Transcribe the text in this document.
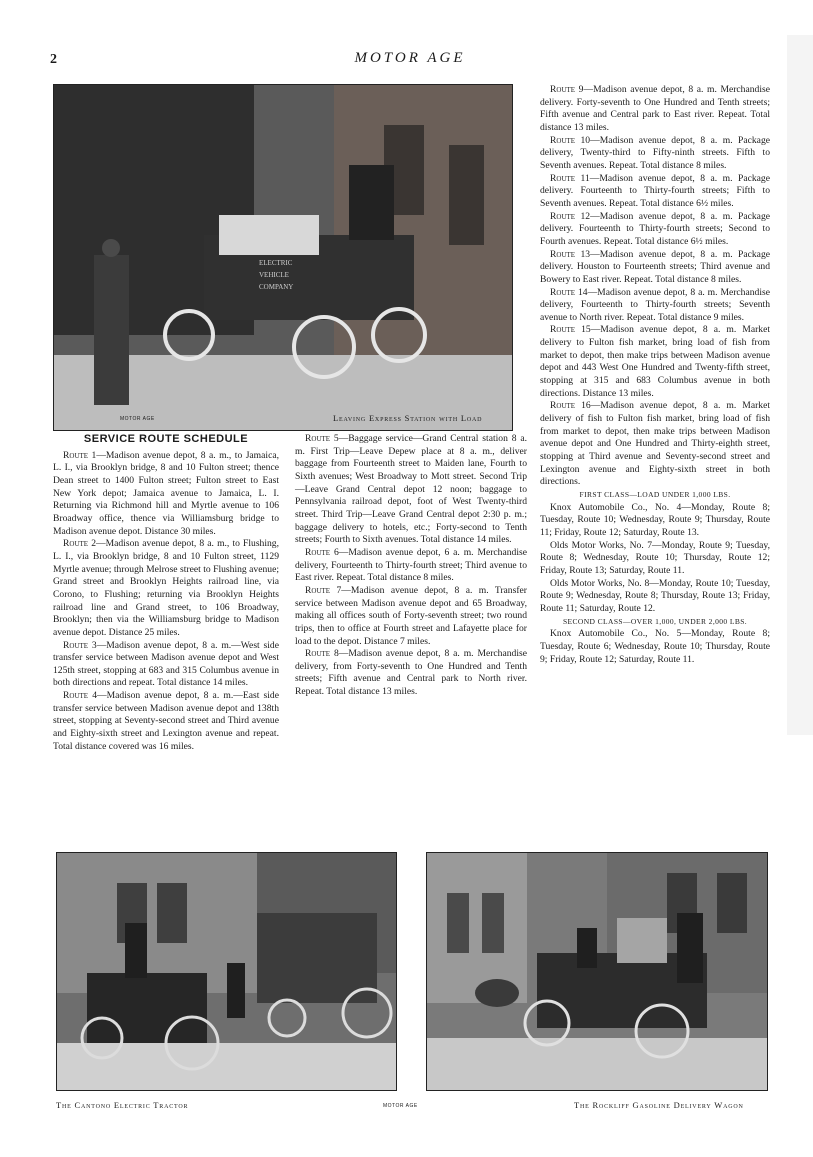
2	MOTOR AGE
ELECTRIC
VEHICLE
COMPANY
MOTOR AGE	Leaving Express Station with Load
SERVICE ROUTE SCHEDULE

Route 1—Madison avenue depot, 8 a. m., to Jamaica, L. I., via Brooklyn bridge, 8 and 10 Fulton street; thence Dean street to 1400 Fulton street; Fulton street to East New York depot; Jamaica avenue to Jamaica, L. I. Returning via Richmond hill and Myrtle avenue to 106 Broadway office, thence via Williamsburg bridge to Madison avenue depot. Distance 30 miles.

Route 2—Madison avenue depot, 8 a. m., to Flushing, L. I., via Brooklyn bridge, 8 and 10 Fulton street, 1129 Myrtle avenue; through Melrose street to Flushing avenue; Grand street and Brooklyn Heights railroad line, via Corono, to Flushing; returning via Brooklyn Heights railroad line and Grand street, to 106 Broadway, Brooklyn; then via the Williamsburg bridge to Madison avenue depot. Distance 25 miles.

Route 3—Madison avenue depot, 8 a. m.—West side transfer service between Madison avenue depot and West 125th street, stopping at 683 and 315 Columbus avenue in both directions and repeat. Total distance 14 miles.

Route 4—Madison avenue depot, 8 a. m.—East side transfer service between Madison avenue depot and 138th street, stopping at Seventy-second street and Third avenue and Eighty-sixth street and Lexington avenue and repeat. Total distance covered was 16 miles.

Route 5—Baggage service—Grand Central station 8 a. m. First Trip—Leave Depew place at 8 a. m., deliver baggage from Fourteenth street to Maiden lane, Fourth to Sixth avenues; West Broadway to Mott street. Second Trip—Leave Grand Central depot 12 noon; baggage to Pennsylvania railroad depot, foot of West Twenty-third street. Third Trip—Leave Grand Central depot 2:30 p. m.; baggage delivery to hotels, etc.; Forty-second to Tenth streets; Fourth to Sixth avenues. Total distance 14 miles.

Route 6—Madison avenue depot, 6 a. m. Merchandise delivery, Fourteenth to Thirty-fourth street; Third avenue to East river. Repeat. Total distance 8 miles.

Route 7—Madison avenue depot, 8 a. m. Transfer service between Madison avenue depot and 65 Broadway, making all offices south of Forty-seventh street; two round trips, then to office at Fourth street and Lafayette place for load to the depot. Distance 7 miles.

Route 8—Madison avenue depot, 8 a. m. Merchandise delivery, from Forty-seventh to One Hundred and Tenth streets; Fifth avenue and Central park to North river. Repeat. Total distance 13 miles.

Route 9—Madison avenue depot, 8 a. m. Merchandise delivery. Forty-seventh to One Hundred and Tenth streets; Fifth avenue and Central park to East river. Repeat. Total distance 13 miles.

Route 10—Madison avenue depot, 8 a. m. Package delivery, Twenty-third to Fifty-ninth streets. Fifth to Seventh avenues. Repeat. Total distance 8 miles.

Route 11—Madison avenue depot, 8 a. m. Package delivery. Fourteenth to Thirty-fourth streets; Fifth to Seventh avenues. Repeat. Total distance 6½ miles.

Route 12—Madison avenue depot, 8 a. m. Package delivery. Fourteenth to Thirty-fourth streets; Second to Fourth avenues. Repeat. Total distance 6½ miles.

Route 13—Madison avenue depot, 8 a. m. Package delivery. Houston to Fourteenth streets; Third avenue and Bowery to East river. Repeat. Total distance 8 miles.

Route 14—Madison avenue depot, 8 a. m. Merchandise delivery, Fourteenth to Thirty-fourth streets; Seventh avenue to North river. Repeat. Total distance 9 miles.

Route 15—Madison avenue depot, 8 a. m. Market delivery to Fulton fish market, bring load of fish from market to depot, then make trips between Madison avenue depot and 443 West One Hundred and Twenty-fifth street, stopping at 315 and 683 Columbus avenue in both directions. Distance 13 miles.

Route 16—Madison avenue depot, 8 a. m. Market delivery of fish to Fulton fish market, bring load of fish from market to depot, then make trips between Madison avenue depot and One Hundred and Thirty-eighth street, stopping at Third avenue and Seventy-second street and Lexington avenue and Eighty-sixth street in both directions.

FIRST CLASS—LOAD UNDER 1,000 LBS.

Knox Automobile Co., No. 4—Monday, Route 8; Tuesday, Route 10; Wednesday, Route 9; Thursday, Route 11; Friday, Route 12; Saturday, Route 13.

Olds Motor Works, No. 7—Monday, Route 9; Tuesday, Route 8; Wednesday, Route 10; Thursday, Route 12; Friday, Route 13; Saturday, Route 11.

Olds Motor Works, No. 8—Monday, Route 10; Tuesday, Route 9; Wednesday, Route 8; Thursday, Route 13; Friday, Route 11; Saturday, Route 12.

SECOND CLASS—OVER 1,000, UNDER 2,000 LBS.

Knox Automobile Co., No. 5—Monday, Route 8; Tuesday, Route 6; Wednesday, Route 10; Thursday, Route 9; Friday, Route 12; Saturday, Route 11.

The Cantono Electric Tractor	MOTOR AGE	The Rockliff Gasoline Delivery Wagon
